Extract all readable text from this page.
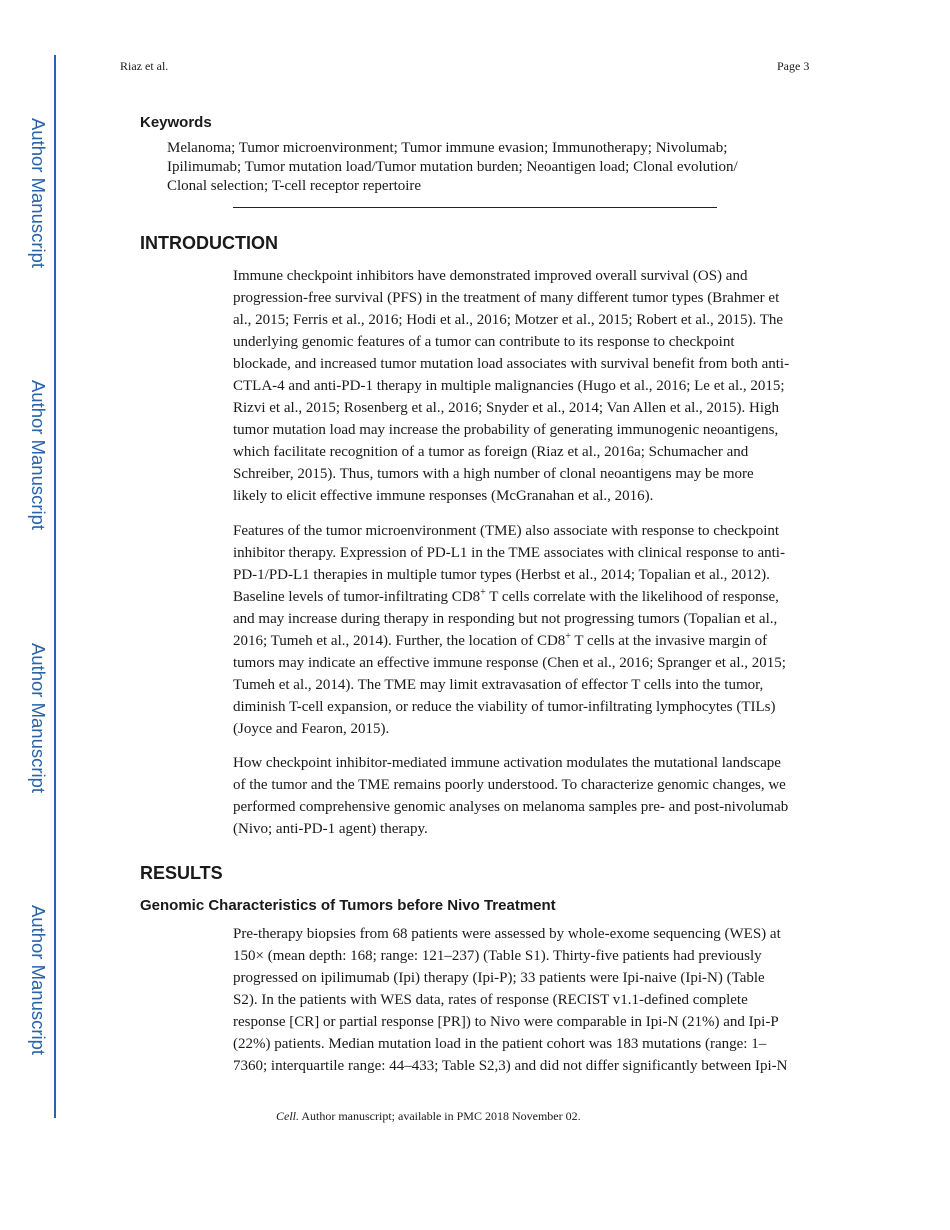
Author Manuscript
Author Manuscript
Author Manuscript
Author Manuscript
Riaz et al.	Page 3
Keywords

Melanoma; Tumor microenvironment; Tumor immune evasion; Immunotherapy; Nivolumab;
Ipilimumab; Tumor mutation load/Tumor mutation burden; Neoantigen load; Clonal evolution/
Clonal selection; T-cell receptor repertoire

INTRODUCTION

Immune checkpoint inhibitors have demonstrated improved overall survival (OS) and
progression-free survival (PFS) in the treatment of many different tumor types (Brahmer et
al., 2015; Ferris et al., 2016; Hodi et al., 2016; Motzer et al., 2015; Robert et al., 2015). The
underlying genomic features of a tumor can contribute to its response to checkpoint
blockade, and increased tumor mutation load associates with survival benefit from both anti-
CTLA-4 and anti-PD-1 therapy in multiple malignancies (Hugo et al., 2016; Le et al., 2015;
Rizvi et al., 2015; Rosenberg et al., 2016; Snyder et al., 2014; Van Allen et al., 2015). High
tumor mutation load may increase the probability of generating immunogenic neoantigens,
which facilitate recognition of a tumor as foreign (Riaz et al., 2016a; Schumacher and
Schreiber, 2015). Thus, tumors with a high number of clonal neoantigens may be more
likely to elicit effective immune responses (McGranahan et al., 2016).

Features of the tumor microenvironment (TME) also associate with response to checkpoint
inhibitor therapy. Expression of PD-L1 in the TME associates with clinical response to anti-
PD-1/PD-L1 therapies in multiple tumor types (Herbst et al., 2014; Topalian et al., 2012).
Baseline levels of tumor-infiltrating CD8+ T cells correlate with the likelihood of response,
and may increase during therapy in responding but not progressing tumors (Topalian et al.,
2016; Tumeh et al., 2014). Further, the location of CD8+ T cells at the invasive margin of
tumors may indicate an effective immune response (Chen et al., 2016; Spranger et al., 2015;
Tumeh et al., 2014). The TME may limit extravasation of effector T cells into the tumor,
diminish T-cell expansion, or reduce the viability of tumor-infiltrating lymphocytes (TILs)
(Joyce and Fearon, 2015).

How checkpoint inhibitor-mediated immune activation modulates the mutational landscape
of the tumor and the TME remains poorly understood. To characterize genomic changes, we
performed comprehensive genomic analyses on melanoma samples pre- and post-nivolumab
(Nivo; anti-PD-1 agent) therapy.

RESULTS
Genomic Characteristics of Tumors before Nivo Treatment

Pre-therapy biopsies from 68 patients were assessed by whole-exome sequencing (WES) at
150× (mean depth: 168; range: 121–237) (Table S1). Thirty-five patients had previously
progressed on ipilimumab (Ipi) therapy (Ipi-P); 33 patients were Ipi-naive (Ipi-N) (Table
S2). In the patients with WES data, rates of response (RECIST v1.1-defined complete
response [CR] or partial response [PR]) to Nivo were comparable in Ipi-N (21%) and Ipi-P
(22%) patients. Median mutation load in the patient cohort was 183 mutations (range: 1–
7360; interquartile range: 44–433; Table S2,3) and did not differ significantly between Ipi-N

Cell. Author manuscript; available in PMC 2018 November 02.
